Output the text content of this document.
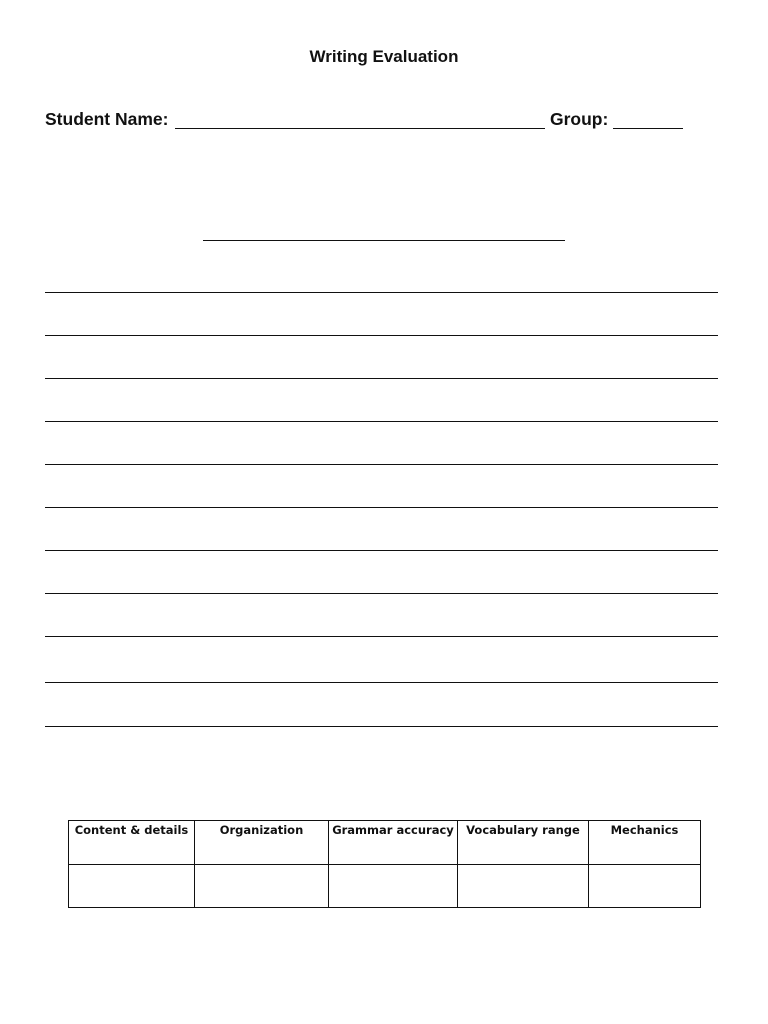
Writing Evaluation
Student Name:	Group:
Content & details	Organization	Grammar accuracy	Vocabulary range	Mechanics
